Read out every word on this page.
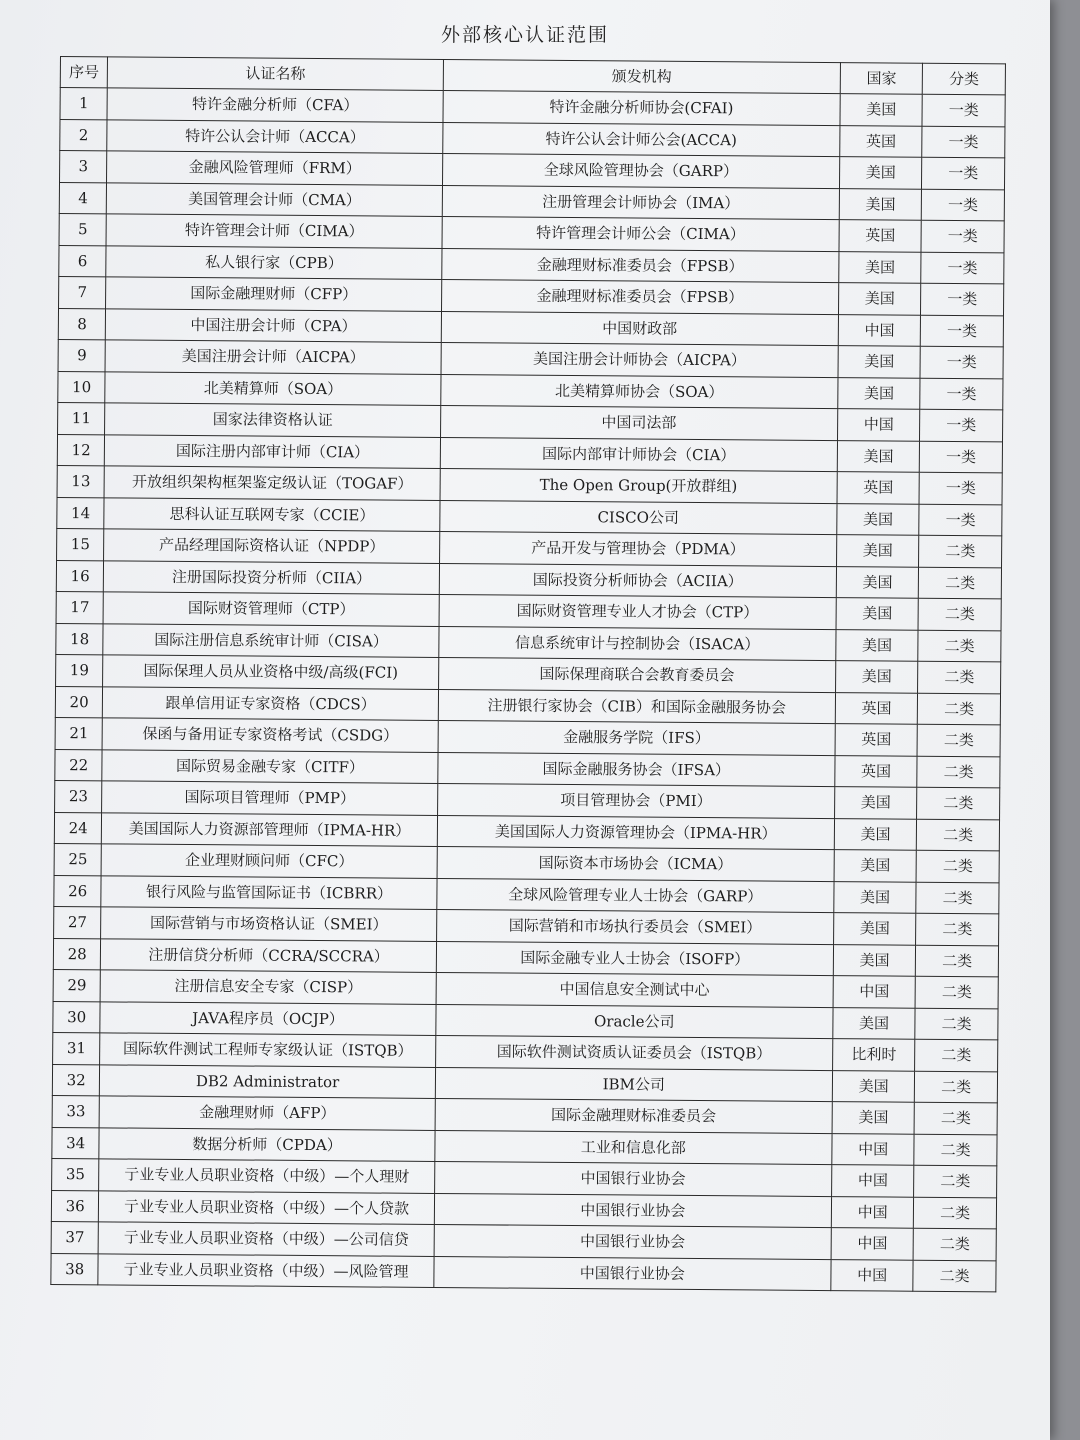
外部核心认证范围
序号	认证名称	颁发机构	国家	分类
1	特许金融分析师（CFA）	特许金融分析师协会(CFAI)	美国	一类
2	特许公认会计师（ACCA）	特许公认会计师公会(ACCA)	英国	一类
3	金融风险管理师（FRM）	全球风险管理协会（GARP）	美国	一类
4	美国管理会计师（CMA）	注册管理会计师协会（IMA）	美国	一类
5	特许管理会计师（CIMA）	特许管理会计师公会（CIMA）	英国	一类
6	私人银行家（CPB）	金融理财标准委员会（FPSB）	美国	一类
7	国际金融理财师（CFP）	金融理财标准委员会（FPSB）	美国	一类
8	中国注册会计师（CPA）	中国财政部	中国	一类
9	美国注册会计师（AICPA）	美国注册会计师协会（AICPA）	美国	一类
10	北美精算师（SOA）	北美精算师协会（SOA）	美国	一类
11	国家法律资格认证	中国司法部	中国	一类
12	国际注册内部审计师（CIA）	国际内部审计师协会（CIA）	美国	一类
13	开放组织架构框架鉴定级认证（TOGAF）	The Open Group(开放群组)	英国	一类
14	思科认证互联网专家（CCIE）	CISCO公司	美国	一类
15	产品经理国际资格认证（NPDP）	产品开发与管理协会（PDMA）	美国	二类
16	注册国际投资分析师（CIIA）	国际投资分析师协会（ACIIA）	美国	二类
17	国际财资管理师（CTP）	国际财资管理专业人才协会（CTP）	美国	二类
18	国际注册信息系统审计师（CISA）	信息系统审计与控制协会（ISACA）	美国	二类
19	国际保理人员从业资格中级/高级(FCI)	国际保理商联合会教育委员会	美国	二类
20	跟单信用证专家资格（CDCS）	注册银行家协会（CIB）和国际金融服务协会	英国	二类
21	保函与备用证专家资格考试（CSDG）	金融服务学院（IFS）	英国	二类
22	国际贸易金融专家（CITF）	国际金融服务协会（IFSA）	英国	二类
23	国际项目管理师（PMP）	项目管理协会（PMI）	美国	二类
24	美国国际人力资源部管理师（IPMA-HR）	美国国际人力资源管理协会（IPMA-HR）	美国	二类
25	企业理财顾问师（CFC）	国际资本市场协会（ICMA）	美国	二类
26	银行风险与监管国际证书（ICBRR）	全球风险管理专业人士协会（GARP）	美国	二类
27	国际营销与市场资格认证（SMEI）	国际营销和市场执行委员会（SMEI）	美国	二类
28	注册信贷分析师（CCRA/SCCRA）	国际金融专业人士协会（ISOFP）	美国	二类
29	注册信息安全专家（CISP）	中国信息安全测试中心	中国	二类
30	JAVA程序员（OCJP）	Oracle公司	美国	二类
31	国际软件测试工程师专家级认证（ISTQB）	国际软件测试资质认证委员会（ISTQB）	比利时	二类
32	DB2 Administrator	IBM公司	美国	二类
33	金融理财师（AFP）	国际金融理财标准委员会	美国	二类
34	数据分析师（CPDA）	工业和信息化部	中国	二类
35	亍业专业人员职业资格（中级）—个人理财	中国银行业协会	中国	二类
36	亍业专业人员职业资格（中级）—个人贷款	中国银行业协会	中国	二类
37	亍业专业人员职业资格（中级）—公司信贷	中国银行业协会	中国	二类
38	亍业专业人员职业资格（中级）—风险管理	中国银行业协会	中国	二类
